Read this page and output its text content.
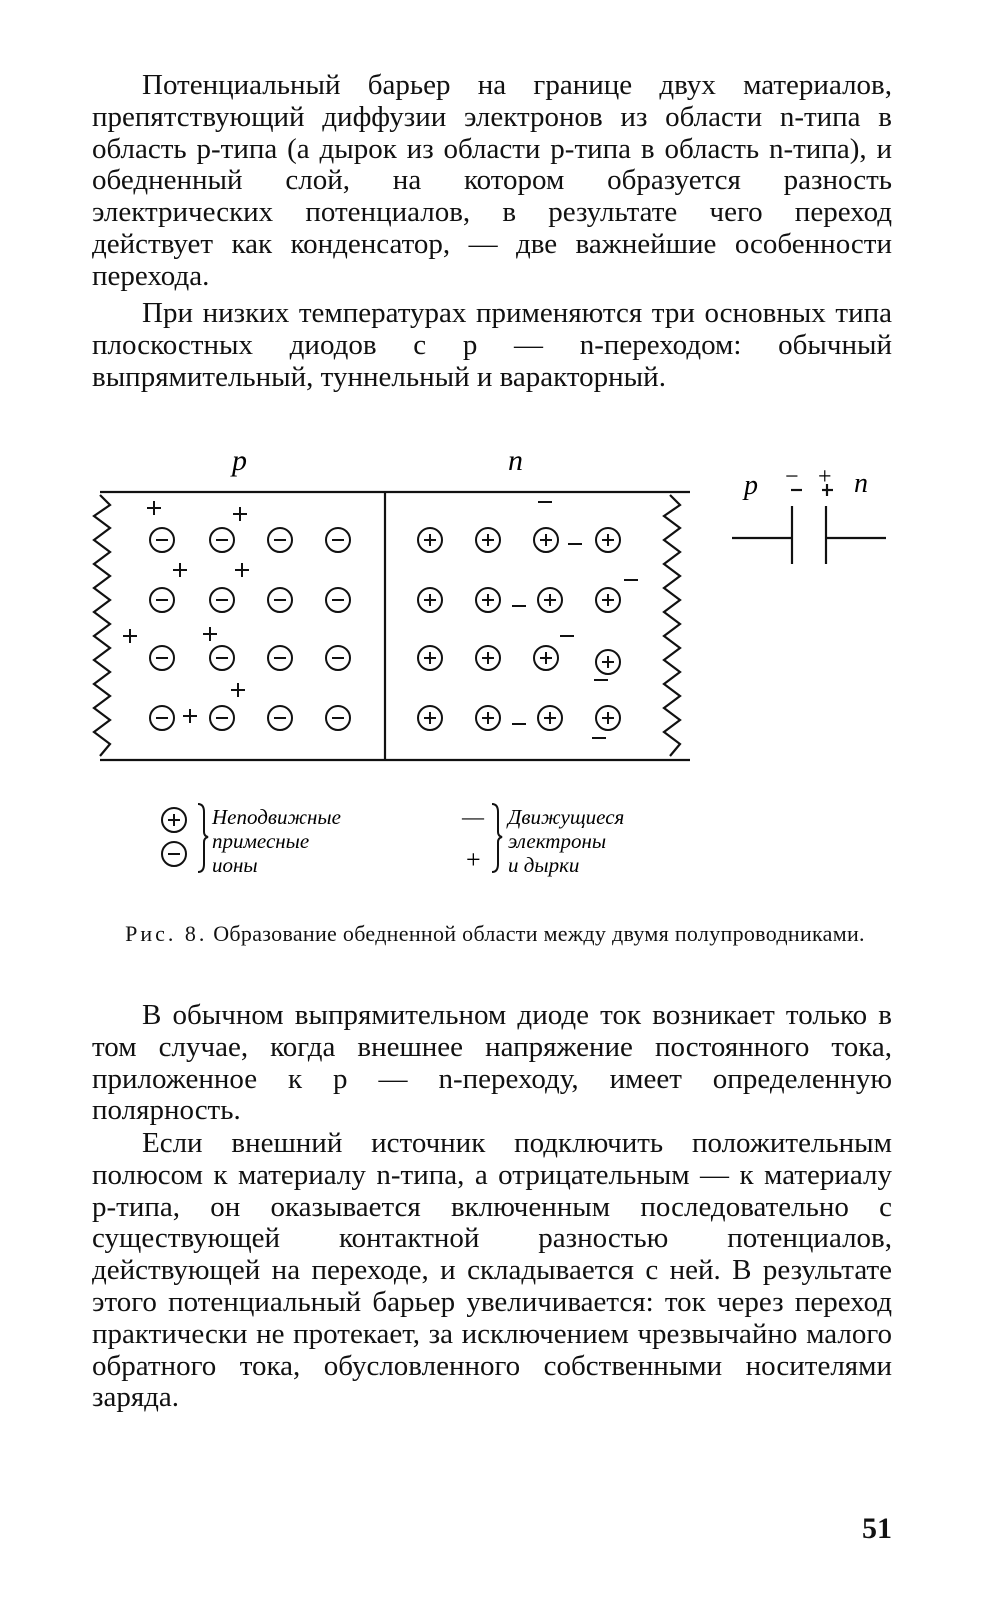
Потенциальный барьер на границе двух материалов, препятствующий диффузии электронов из области n-типа в область p-типа (а дырок из области p-типа в область n-типа), и обедненный слой, на котором образуется разность электрических потенциалов, в результате чего переход действует как конденсатор, — две важнейшие особенности перехода.

При низких температурах применяются три основных типа плоскостных диодов с p — n-переходом: обычный выпрямительный, туннельный и варакторный.

p	n
p	n
− +
Неподвижные
примесные
ионы
—
+
Движущиеся
электроны
и дырки
Рис. 8. Образование обедненной области между двумя полупроводниками.

В обычном выпрямительном диоде ток возникает только в том случае, когда внешнее напряжение постоянного тока, приложенное к p — n-переходу, имеет определенную полярность.

Если внешний источник подключить положительным полюсом к материалу n-типа, а отрицательным — к материалу p-типа, он оказывается включенным последовательно с существующей контактной разностью потенциалов, действующей на переходе, и складывается с ней. В результате этого потенциальный барьер увеличивается: ток через переход практически не протекает, за исключением чрезвычайно малого обратного тока, обусловленного собственными носителями заряда.

51
